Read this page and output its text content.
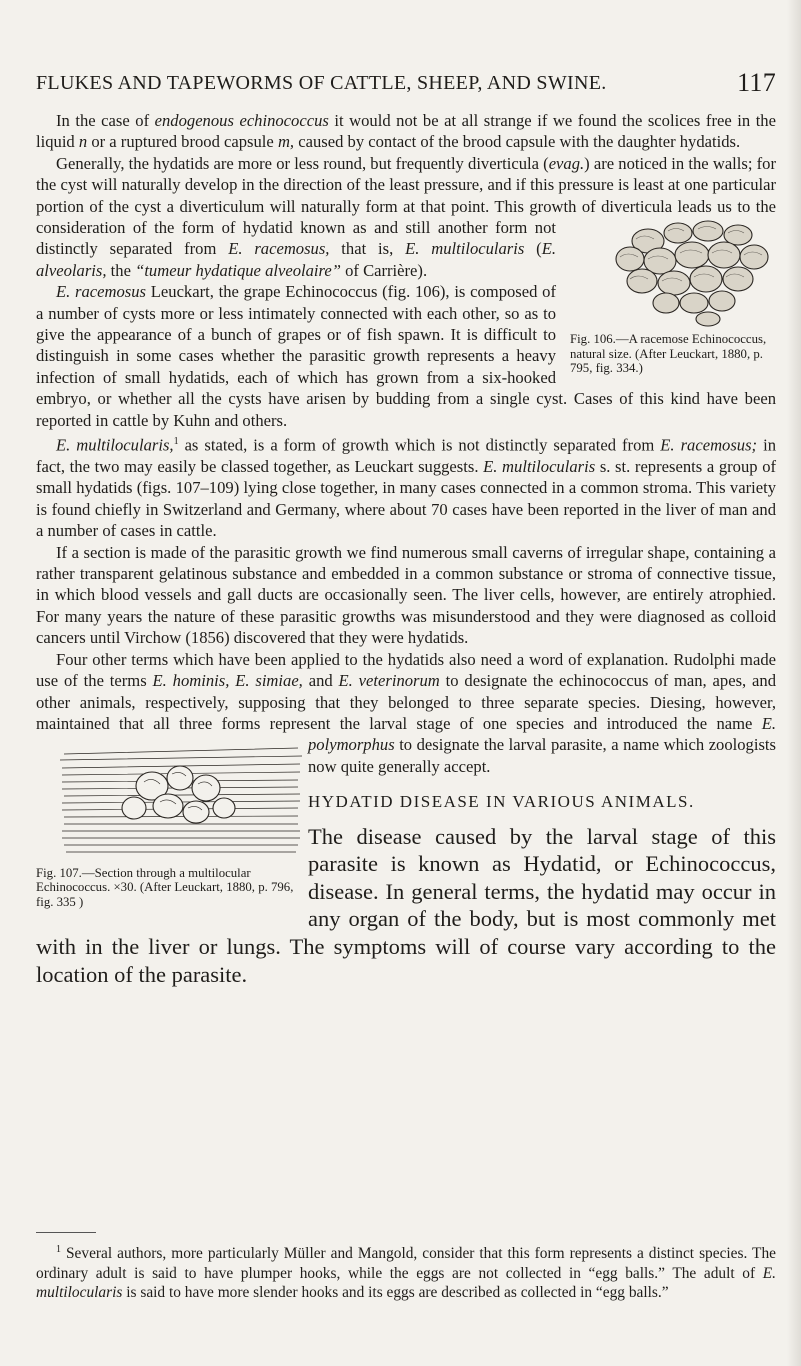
FLUKES AND TAPEWORMS OF CATTLE, SHEEP, AND SWINE.	117

In the case of endogenous echinococcus it would not be at all strange if we found the scolices free in the liquid n or a ruptured brood capsule m, caused by contact of the brood capsule with the daughter hydatids.

Generally, the hydatids are more or less round, but frequently diverticula (evag.) are noticed in the walls; for the cyst will naturally develop in the direction of the least pressure, and if this pressure is least at one particular portion of the cyst a diverticulum will naturally form at that point. This growth of diverticula leads us to the consideration of the form of hydatid known as
Fig. 106.—A racemose Echinococcus, natural size. (After Leuckart, 1880, p. 795, fig. 334.)
and still another form not distinctly separated from E. racemosus, that is, E. multilocularis (E. alveolaris, the “tumeur hydatique alveolaire” of Carrière).

E. racemosus Leuckart, the grape Echinococcus (fig. 106), is composed of a number of cysts more or less intimately connected with each other, so as to give the appearance of a bunch of grapes or of fish spawn. It is difficult to distinguish in some cases whether the parasitic growth represents a heavy infection of small hydatids, each of which has grown from a six-hooked embryo, or whether all the cysts have arisen by budding from a single cyst. Cases of this kind have been reported in cattle by Kuhn and others.

E. multilocularis,$^1$ as stated, is a form of growth which is not distinctly separated from E. racemosus; in fact, the two may easily be classed together, as Leuckart suggests. E. multilocularis s. st. represents a group of small hydatids (figs. 107–109) lying close together, in many cases connected in a common stroma. This variety is found chiefly in Switzerland and Germany, where about 70 cases have been reported in the liver of man and a number of cases in cattle.

If a section is made of the parasitic growth we find numerous small caverns of irregular shape, containing a rather transparent gelatinous substance and embedded in a common substance or stroma of connective tissue, in which blood vessels and gall ducts are occasionally seen. The liver cells, however, are entirely atrophied. For many years the nature of these parasitic growths was misunderstood and they were diagnosed as colloid cancers until Virchow (1856) discovered that they were hydatids.

Four other terms which have been applied to the hydatids also need a word of explanation. Rudolphi made use of the terms E. hominis, E. simiae, and E. veterinorum to designate the echinococcus of man, apes, and other animals, respectively, supposing that they belonged to three separate species. Diesing, however, maintained that all three forms represent the larval stage of one species and introduced the name
Fig. 107.—Section through a multilocular Echinococcus. ×30. (After Leuckart, 1880, p. 796, fig. 335 )
E. polymorphus to designate the larval parasite, a name which zoologists now quite generally accept.

HYDATID DISEASE IN VARIOUS ANIMALS.

The disease caused by the larval stage of this parasite is known as Hydatid, or Echinococcus, disease. In general terms, the hydatid may occur in any organ of the body, but is most commonly met with in the liver or lungs. The symptoms will of course vary according to the location of the parasite.

$^1$ Several authors, more particularly Müller and Mangold, consider that this form represents a distinct species. The ordinary adult is said to have plumper hooks, while the eggs are not collected in “egg balls.” The adult of E. multilocularis is said to have more slender hooks and its eggs are described as collected in “egg balls.”
